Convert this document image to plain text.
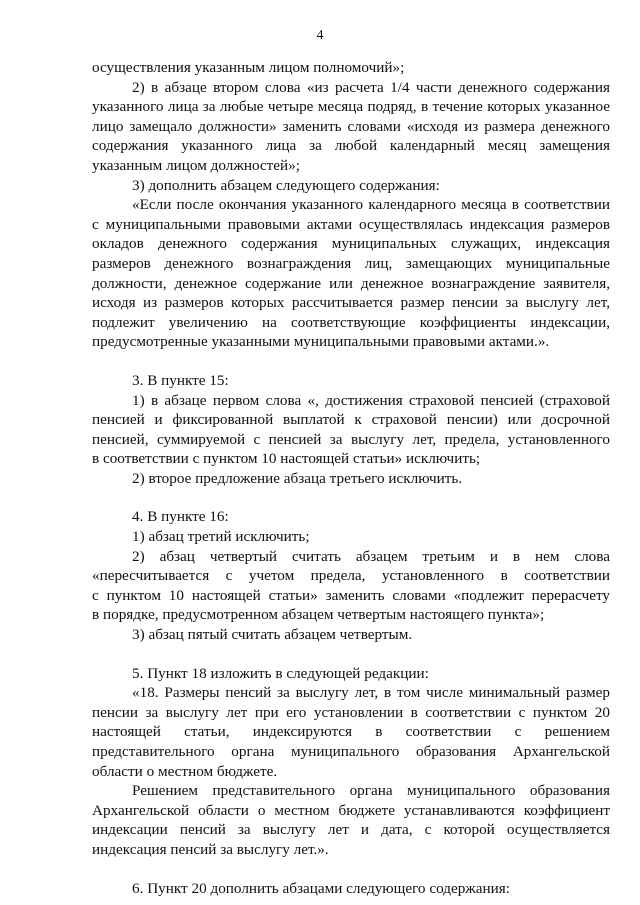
4
осуществления указанным лицом полномочий»;
2) в абзаце втором слова «из расчета 1/4 части денежного содержания
указанного лица за любые четыре месяца подряд, в течение которых указанное
лицо замещало должности» заменить словами «исходя из размера денежного
содержания указанного лица за любой календарный месяц замещения
указанным лицом должностей»;
3) дополнить абзацем следующего содержания:
«Если после окончания указанного календарного месяца в соответствии
с муниципальными правовыми актами осуществлялась индексация размеров
окладов денежного содержания муниципальных служащих, индексация
размеров денежного вознаграждения лиц, замещающих муниципальные
должности, денежное содержание или денежное вознаграждение заявителя,
исходя из размеров которых рассчитывается размер пенсии за выслугу лет,
подлежит увеличению на соответствующие коэффициенты индексации,
предусмотренные указанными муниципальными правовыми актами.».
3. В пункте 15:
1) в абзаце первом слова «, достижения страховой пенсией (страховой
пенсией и фиксированной выплатой к страховой пенсии) или досрочной
пенсией, суммируемой с пенсией за выслугу лет, предела, установленного
в соответствии с пунктом 10 настоящей статьи» исключить;
2) второе предложение абзаца третьего исключить.
4. В пункте 16:
1) абзац третий исключить;
2) абзац четвертый считать абзацем третьим и в нем слова
«пересчитывается с учетом предела, установленного в соответствии
с пунктом 10 настоящей статьи» заменить словами «подлежит перерасчету
в порядке, предусмотренном абзацем четвертым настоящего пункта»;
3) абзац пятый считать абзацем четвертым.
5. Пункт 18 изложить в следующей редакции:
«18. Размеры пенсий за выслугу лет, в том числе минимальный размер
пенсии за выслугу лет при его установлении в соответствии с пунктом 20
настоящей статьи, индексируются в соответствии с решением
представительного органа муниципального образования Архангельской
области о местном бюджете.
Решением представительного органа муниципального образования
Архангельской области о местном бюджете устанавливаются коэффициент
индексации пенсий за выслугу лет и дата, с которой осуществляется
индексация пенсий за выслугу лет.».
6. Пункт 20 дополнить абзацами следующего содержания:
